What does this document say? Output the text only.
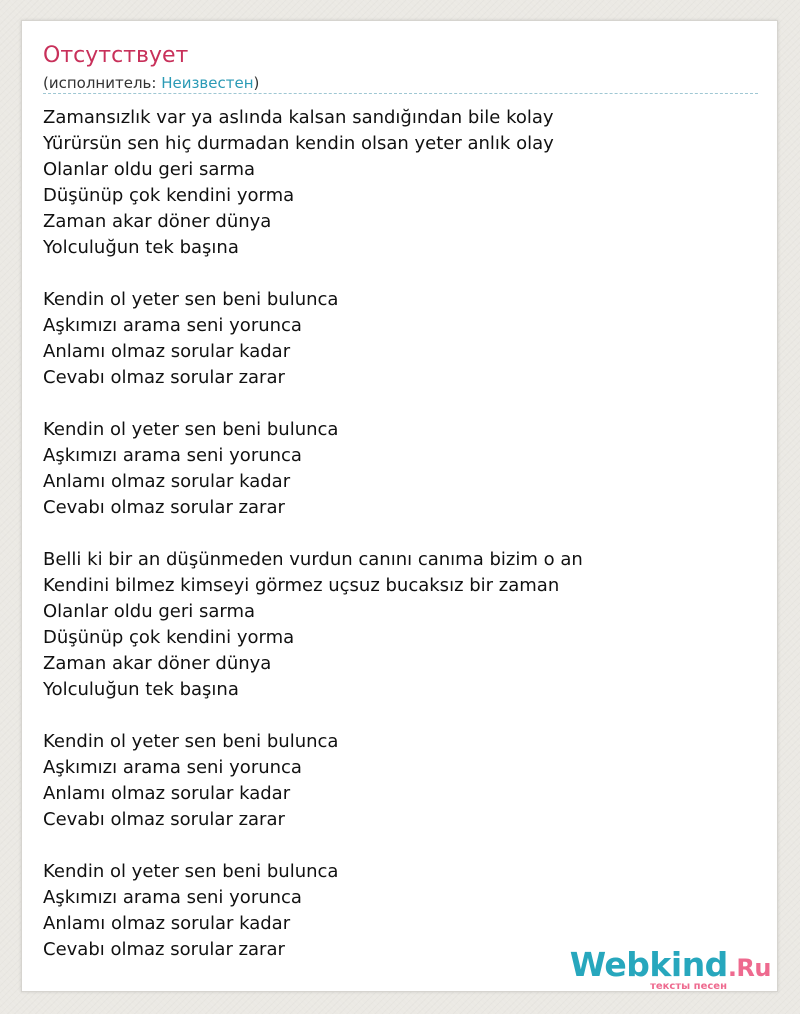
Отсутствует
(исполнитель: Неизвестен)
Zamansızlık var ya aslında kalsan sandığından bile kolay
Yürürsün sen hiç durmadan kendin olsan yeter anlık olay
Olanlar oldu geri sarma
Düşünüp çok kendini yorma
Zaman akar döner dünya
Yolculuğun tek başına
Kendin ol yeter sen beni bulunca
Aşkımızı arama seni yorunca
Anlamı olmaz sorular kadar
Cevabı olmaz sorular zarar
Kendin ol yeter sen beni bulunca
Aşkımızı arama seni yorunca
Anlamı olmaz sorular kadar
Cevabı olmaz sorular zarar
Belli ki bir an düşünmeden vurdun canını canıma bizim o an
Kendini bilmez kimseyi görmez uçsuz bucaksız bir zaman
Olanlar oldu geri sarma
Düşünüp çok kendini yorma
Zaman akar döner dünya
Yolculuğun tek başına
Kendin ol yeter sen beni bulunca
Aşkımızı arama seni yorunca
Anlamı olmaz sorular kadar
Cevabı olmaz sorular zarar
Kendin ol yeter sen beni bulunca
Aşkımızı arama seni yorunca
Anlamı olmaz sorular kadar
Cevabı olmaz sorular zarar	Webkind.Ru
тексты песен
